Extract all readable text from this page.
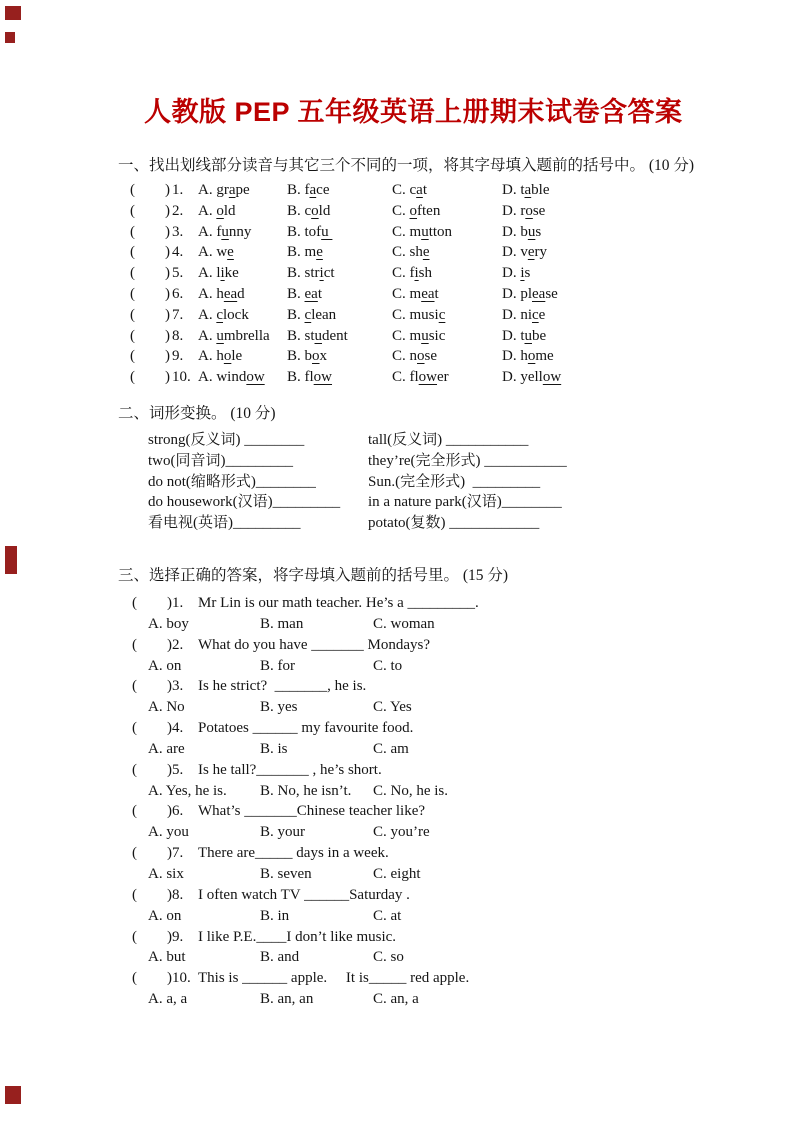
人教版 PEP 五年级英语上册期末试卷含答案
一、找出划线部分读音与其它三个不同的一项，将其字母填入题前的括号中。 (10 分)
(  ) 1. A. grape	B. face	C. cat	D. table
(  ) 2. A. old	B. cold	C. often	D. rose
(  ) 3. A. funny	B. tofu	C. mutton	D. bus
(  ) 4. A. we	B. me	C. she	D. very
(  ) 5. A. like	B. strict	C. fish	D. is
(  ) 6. A. head	B. eat	C. meat	D. please
(  ) 7. A. clock	B. clean	C. music	D. nice
(  ) 8. A. umbrella	B. student	C. music	D. tube
(  ) 9. A. hole	B. box	C. nose	D. home
(  ) 10. A. window	B. flow	C. flower	D. yellow
二、词形变换。 (10 分)
strong(反义词) ________	tall(反义词) ___________
two(同音词)_________	they’re(完全形式) ___________
do not(缩略形式)________	Sun.(完全形式)  _________
do housework(汉语)_________	in a nature park(汉语)________
看电视(英语)_________	potato(复数) ____________
三、选择正确的答案，将字母填入题前的括号里。 (15 分)
(  ) 1. Mr Lin is our math teacher. He’s a _________.
A. boy	B. man	C. woman
(  ) 2. What do you have _______ Mondays?
A. on	B. for	C. to
(  ) 3. Is he strict?  _______, he is.
A. No	B. yes	C. Yes
(  ) 4. Potatoes ______ my favourite food.
A. are	B. is	C. am
(  ) 5. Is he tall?_______ , he’s short.
A. Yes, he is.	B. No, he isn’t.	C. No, he is.
(  ) 6. What’s _______Chinese teacher like?
A. you	B. your	C. you’re
(  ) 7. There are_____ days in a week.
A. six	B. seven	C. eight
(  ) 8. I often watch TV ______Saturday .
A. on	B. in	C. at
(  ) 9. I like P.E.____I don’t like music.
A. but	B. and	C. so
(  ) 10. This is ______ apple.  It is_____ red apple.
A. a, a	B. an, an	C. an, a
